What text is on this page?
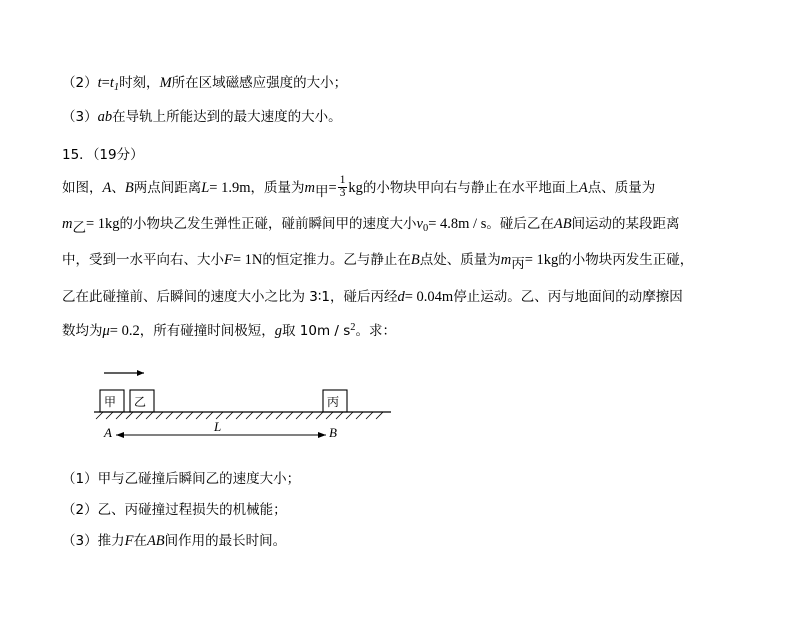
$(2)t=t_1$时刻，M所在区域磁感应强度的大小；
（3）ab在导轨上所能达到的最大速度的大小。
15．（19分）

如图，A、B两点间距离L= 1.9m，质量为m甲= $\frac{1}{3}$ kg的小物块甲向右与静止在水平地面上A点、质量为

m乙= 1kg的小物块乙发生弹性正碰，碰前瞬间甲的速度大小$v_0= 4.8m / s$。碰后乙在AB间运动的某段距离

中，受到一水平向右、大小F= 1N的恒定推力。乙与静止在B点处、质量为m丙= 1kg的小物块丙发生正碰，

乙在此碰撞前、后瞬间的速度大小之比为 3∶1，碰后丙经d= 0.04m停止运动。乙、丙与地面间的动摩擦因

数均为μ= 0.2，所有碰撞时间极短，g取 $10m / s^2$。求：

甲 乙	丙
A	B
L

（1）甲与乙碰撞后瞬间乙的速度大小；

（2）乙、丙碰撞过程损失的机械能；

（3）推力F在AB间作用的最长时间。
